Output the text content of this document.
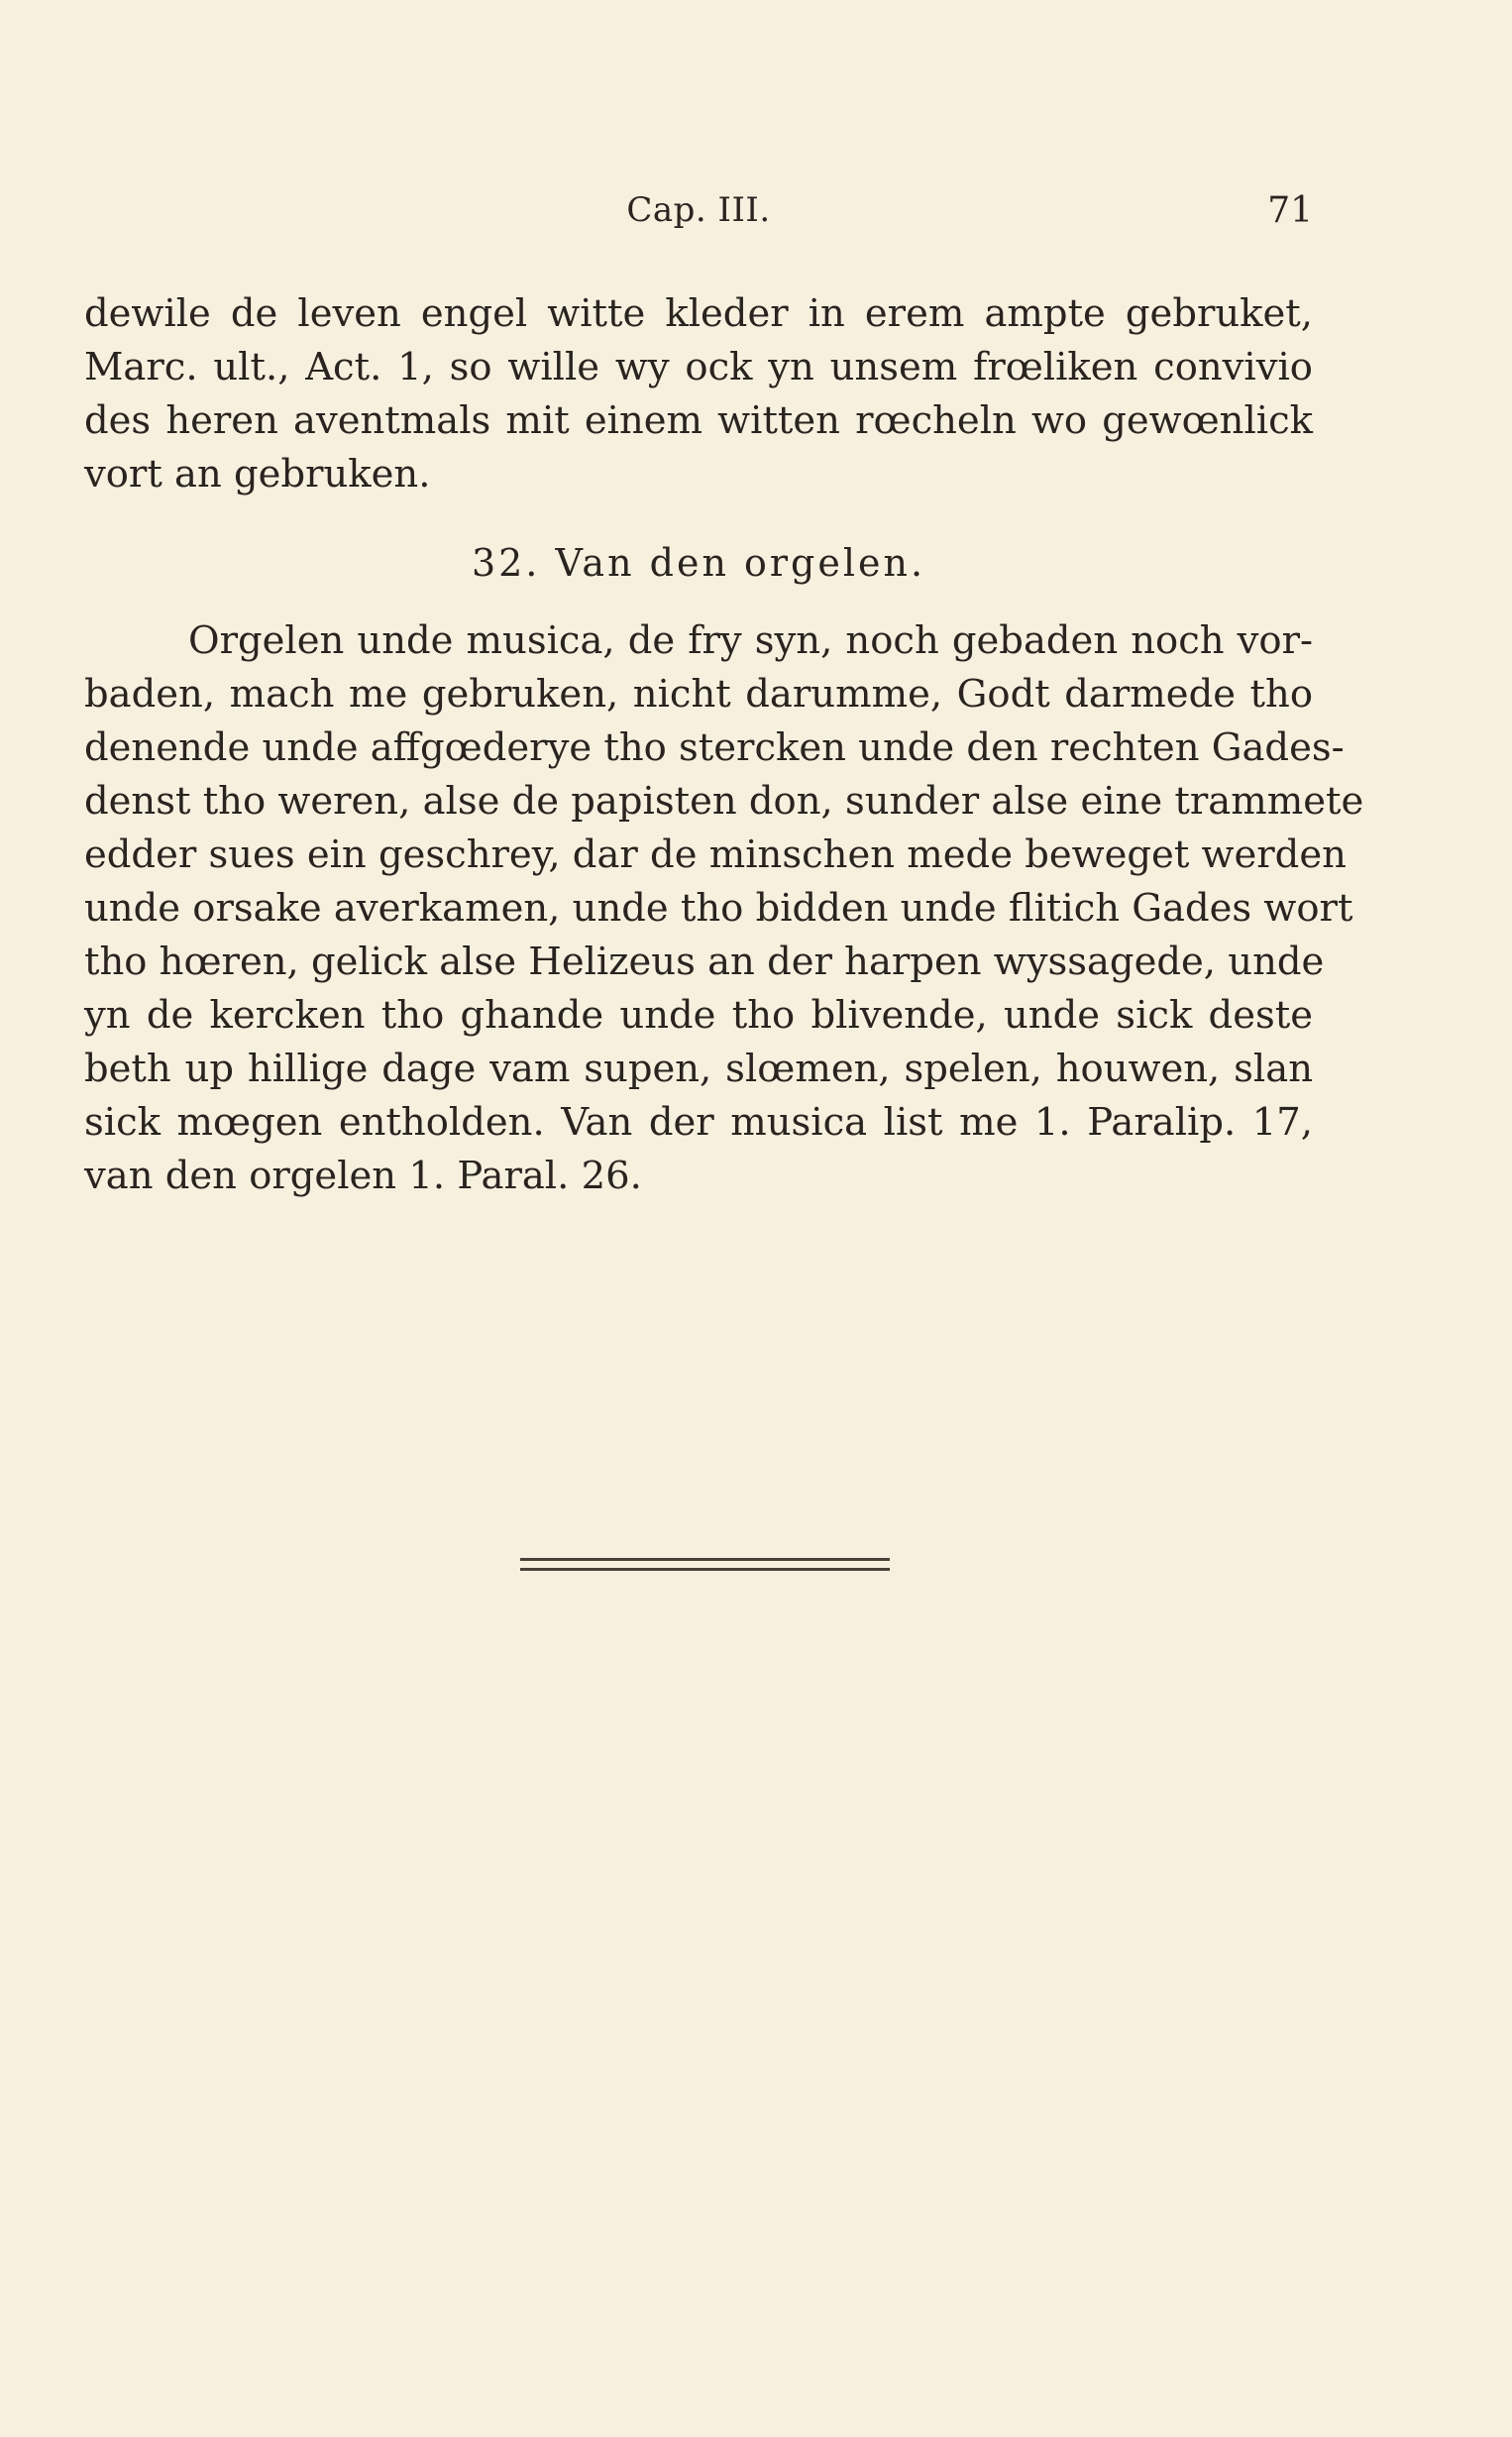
Cap. III.	71
dewile de leven engel witte kleder in erem ampte gebruket,
Marc. ult., Act. 1, so wille wy ock yn unsem frœliken convivio
des heren aventmals mit einem witten rœcheln wo gewœnlick
vort an gebruken.
32. Van den orgelen.
Orgelen unde musica, de fry syn, noch gebaden noch vor-
baden, mach me gebruken, nicht darumme, Godt darmede tho
denende unde affgœderye tho stercken unde den rechten Gades-
denst tho weren, alse de papisten don, sunder alse eine trammete
edder sues ein geschrey, dar de minschen mede beweget werden
unde orsake averkamen, unde tho bidden unde flitich Gades wort
tho hœren, gelick alse Helizeus an der harpen wyssagede, unde
yn de kercken tho ghande unde tho blivende, unde sick deste
beth up hillige dage vam supen, slœmen, spelen, houwen, slan
sick mœgen entholden. Van der musica list me 1. Paralip. 17,
van den orgelen 1. Paral. 26.
